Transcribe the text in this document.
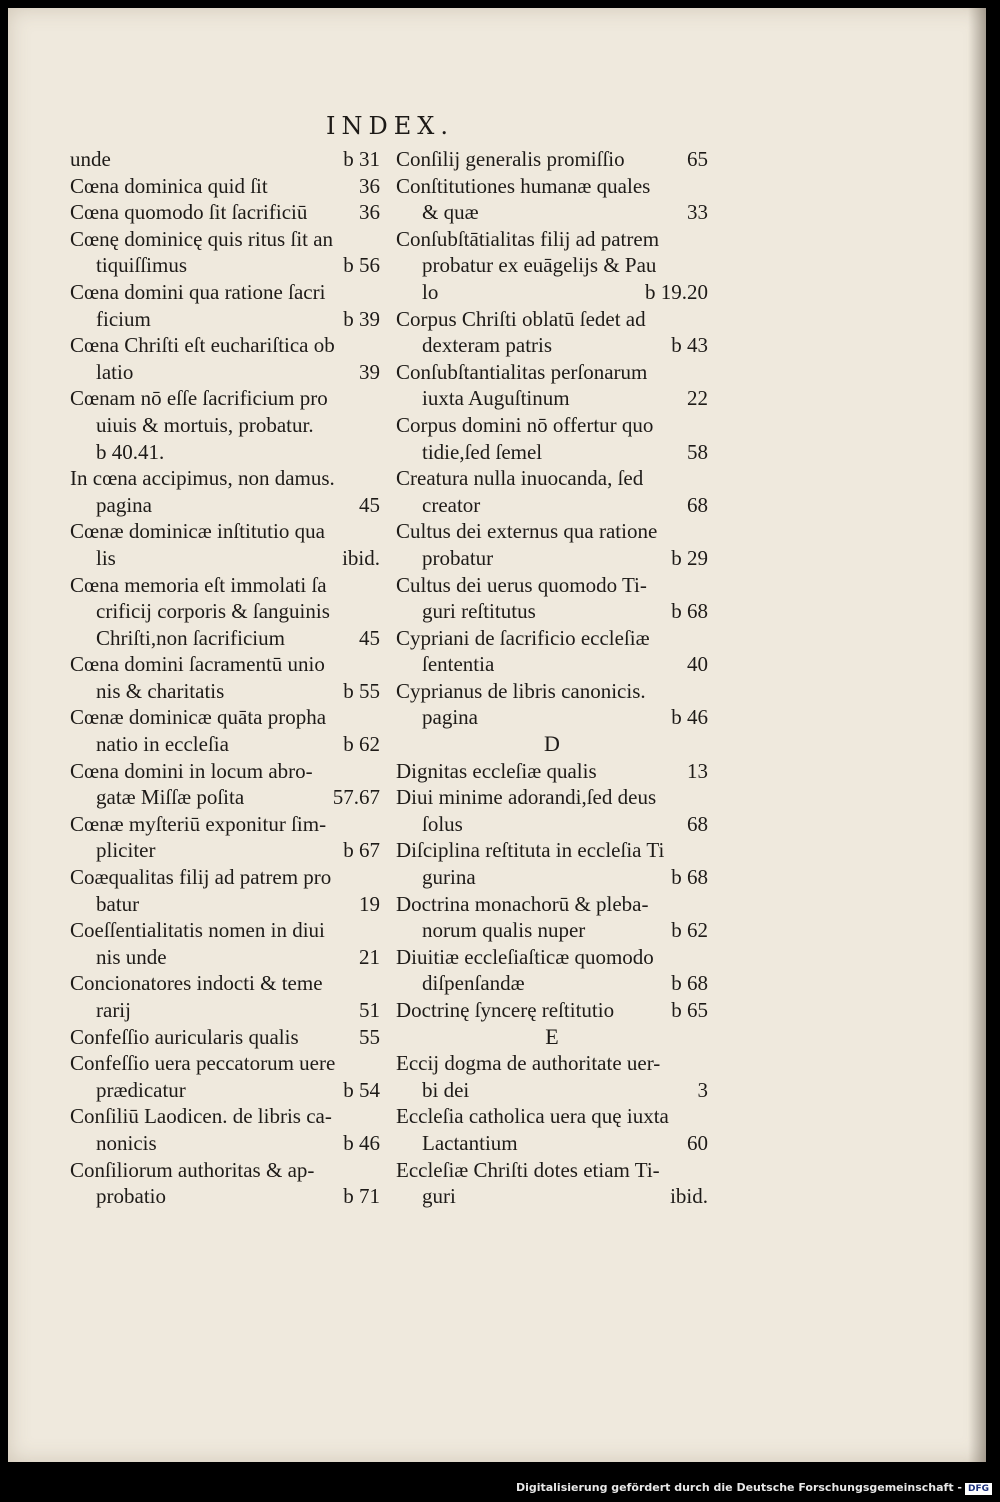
INDEX.
unde	b 31
Cœna dominica quid ſit	36
Cœna quomodo ſit ſacrificiū 36
Cœnę dominicę quis ritus ſit an
tiquiſſimus	b 56
Cœna domini qua ratione ſacri
ficium	b 39
Cœna Chriſti eſt euchariſtica ob
latio	39
Cœnam nō eſſe ſacrificium pro
uiuis & mortuis, probatur.
b 40.41.
In cœna accipimus, non damus.
pagina	45
Cœnæ dominicæ inſtitutio qua
lis	ibid.
Cœna memoria eſt immolati ſa
crificij corporis & ſanguinis
Chriſti,non ſacrificium	45
Cœna domini ſacramentū unio
nis & charitatis	b 55
Cœnæ dominicæ quāta propha
natio in eccleſia	b 62
Cœna domini in locum abro-
gatæ Miſſæ poſita	57.67
Cœnæ myſteriū exponitur ſim-
pliciter	b 67
Coæqualitas filij ad patrem pro
batur	19
Coeſſentialitatis nomen in diui
nis unde	21
Concionatores indocti & teme
rarij	51
Confeſſio auricularis qualis	55
Confeſſio uera peccatorum uere
prædicatur	b 54
Conſiliū Laodicen. de libris ca-
nonicis	b 46
Conſiliorum authoritas & ap-
probatio	b 71
Conſilij generalis promiſſio	65
Conſtitutiones humanæ quales
& quæ	33
Conſubſtātialitas filij ad patrem
probatur ex euāgelijs & Pau
lo	b 19.20
Corpus Chriſti oblatū ſedet ad
dexteram patris	b 43
Conſubſtantialitas perſonarum
iuxta Auguſtinum	22
Corpus domini nō offertur quo
tidie,ſed ſemel	58
Creatura nulla inuocanda, ſed
creator	68
Cultus dei externus qua ratione
probatur	b 29
Cultus dei uerus quomodo Ti-
guri reſtitutus	b 68
Cypriani de ſacrificio eccleſiæ
ſententia	40
Cyprianus de libris canonicis.
pagina	b 46
D
Dignitas eccleſiæ qualis	13
Diui minime adorandi,ſed deus
ſolus	68
Diſciplina reſtituta in eccleſia Ti
gurina	b 68
Doctrina monachorū & pleba-
norum qualis nuper	b 62
Diuitiæ eccleſiaſticæ quomodo
diſpenſandæ	b 68
Doctrinę ſyncerę reſtitutio	b 65
E
Eccij dogma de authoritate uer-
bi dei	3
Eccleſia catholica uera quę iuxta
Lactantium	60
Eccleſiæ Chriſti dotes etiam Ti-
guri	ibid.
Digitalisierung gefördert durch die Deutsche Forschungsgemeinschaft - DFG
